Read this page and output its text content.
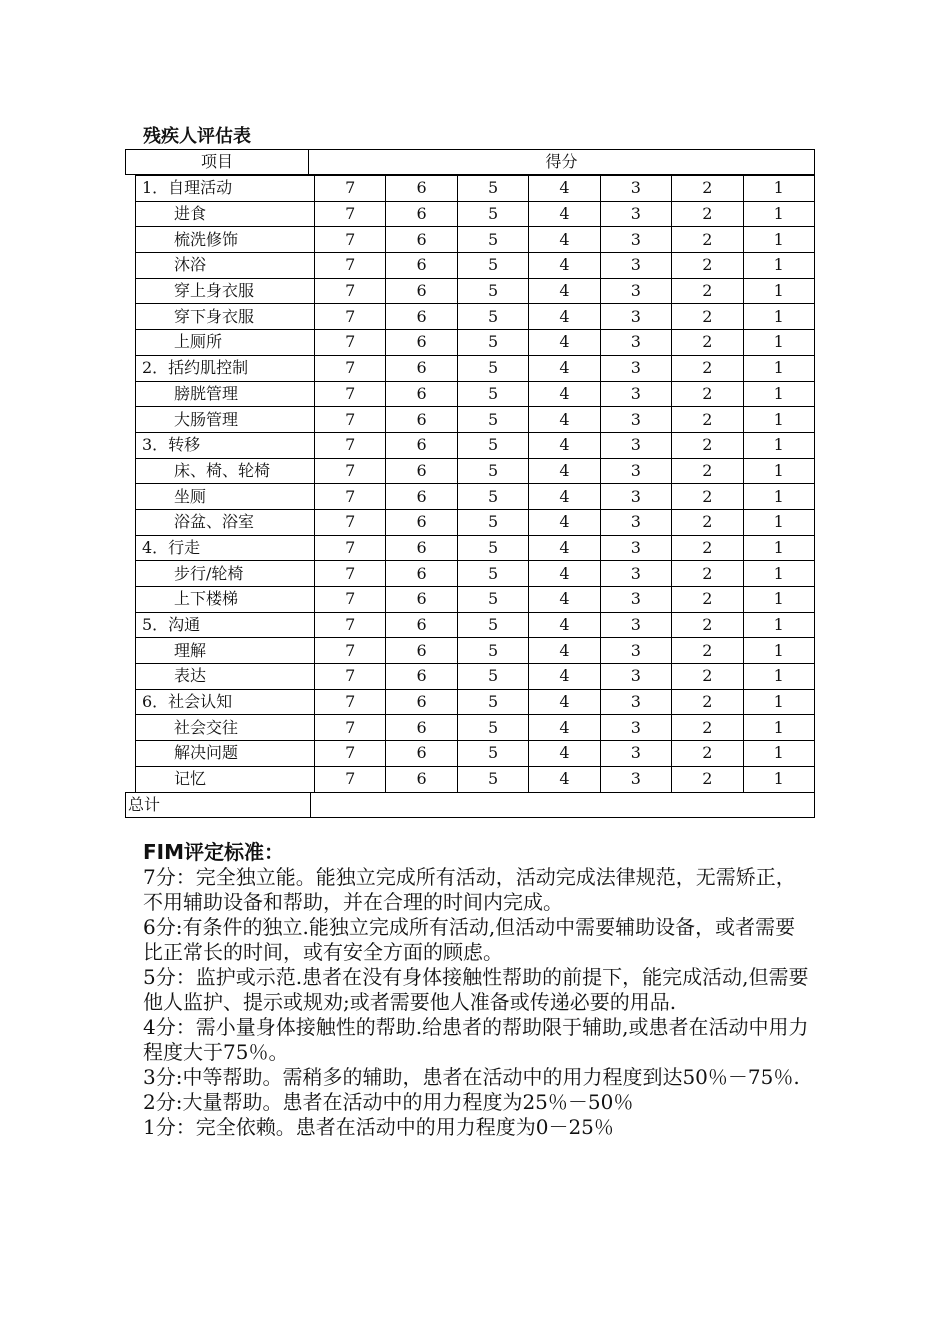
残疾人评估表
项目	得分
1．自理活动	7	6	5	4	3	2	1
进食	7	6	5	4	3	2	1
梳洗修饰	7	6	5	4	3	2	1
沐浴	7	6	5	4	3	2	1
穿上身衣服	7	6	5	4	3	2	1
穿下身衣服	7	6	5	4	3	2	1
上厕所	7	6	5	4	3	2	1
2．括约肌控制	7	6	5	4	3	2	1
膀胱管理	7	6	5	4	3	2	1
大肠管理	7	6	5	4	3	2	1
3．转移	7	6	5	4	3	2	1
床、椅、轮椅	7	6	5	4	3	2	1
坐厕	7	6	5	4	3	2	1
浴盆、浴室	7	6	5	4	3	2	1
4．行走	7	6	5	4	3	2	1
步行/轮椅	7	6	5	4	3	2	1
上下楼梯	7	6	5	4	3	2	1
5．沟通	7	6	5	4	3	2	1
理解	7	6	5	4	3	2	1
表达	7	6	5	4	3	2	1
6．社会认知	7	6	5	4	3	2	1
社会交往	7	6	5	4	3	2	1
解决问题	7	6	5	4	3	2	1
记忆	7	6	5	4	3	2	1
总计	
FIM评定标准：

7分：完全独立能。能独立完成所有活动，活动完成法律规范，无需矫正，不用辅助设备和帮助，并在合理的时间内完成。

6分:有条件的独立.能独立完成所有活动,但活动中需要辅助设备，或者需要比正常长的时间，或有安全方面的顾虑。

5分：监护或示范.患者在没有身体接触性帮助的前提下，能完成活动,但需要他人监护、提示或规劝;或者需要他人准备或传递必要的用品.

4分：需小量身体接触性的帮助.给患者的帮助限于辅助,或患者在活动中用力程度大于75％。

3分:中等帮助。需稍多的辅助，患者在活动中的用力程度到达50％－75％.

2分:大量帮助。患者在活动中的用力程度为25％－50％

1分：完全依赖。患者在活动中的用力程度为0－25％
